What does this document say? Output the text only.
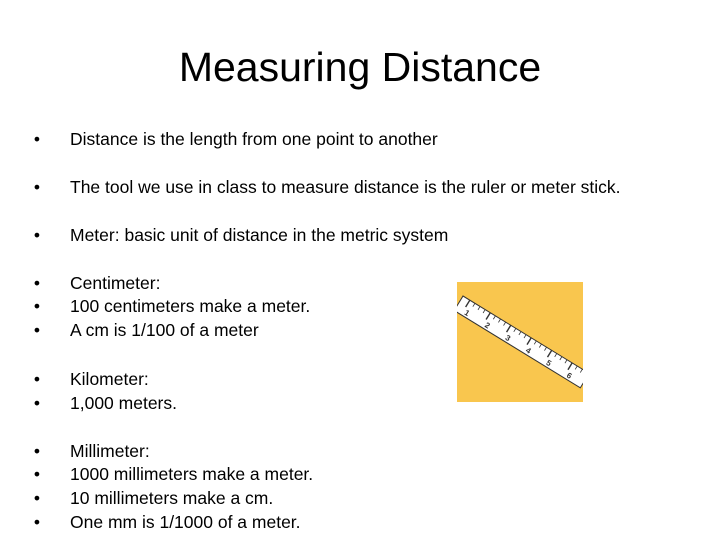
Measuring Distance
• Distance is the length from one point to another
• The tool we use in class to measure distance is the ruler or meter stick.
• Meter: basic unit of distance in the metric system
• Centimeter:
• 100 centimeters make a meter.
• A cm is 1/100 of a meter
• Kilometer:
• 1,000 meters.
• Millimeter:
• 1000 millimeters make a meter.
• 10 millimeters make a cm.
• One mm is 1/1000 of a meter.
1
2
3
4
5
6
